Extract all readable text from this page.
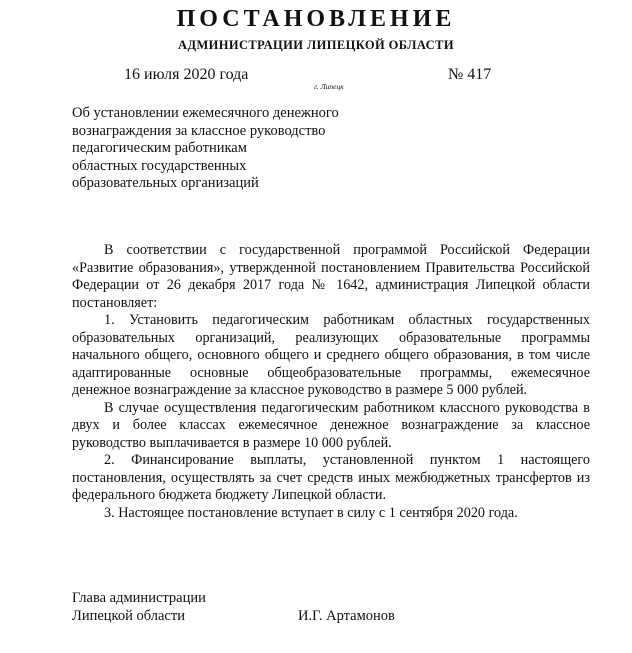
ПОСТАНОВЛЕНИЕ
АДМИНИСТРАЦИИ ЛИПЕЦКОЙ ОБЛАСТИ
16 июля 2020 года
г. Липецк
№ 417
Об установлении ежемесячного денежного
вознаграждения за классное руководство
педагогическим работникам
областных государственных
образовательных организаций

В соответствии с государственной программой Российской Федерации «Развитие образования», утвержденной постановлением Правительства Российской Федерации от 26 декабря 2017 года № 1642, администрация Липецкой области постановляет:

1. Установить педагогическим работникам областных государственных образовательных организаций, реализующих образовательные программы начального общего, основного общего и среднего общего образования, в том числе адаптированные основные общеобразовательные программы, ежемесячное денежное вознаграждение за классное руководство в размере 5 000 рублей.

В случае осуществления педагогическим работником классного руководства в двух и более классах ежемесячное денежное вознаграждение за классное руководство выплачивается в размере 10 000 рублей.

2. Финансирование выплаты, установленной пунктом 1 настоящего постановления, осуществлять за счет средств иных межбюджетных трансфертов из федерального бюджета бюджету Липецкой области.

3. Настоящее постановление вступает в силу с 1 сентября 2020 года.

Глава администрации
Липецкой области	И.Г. Артамонов
